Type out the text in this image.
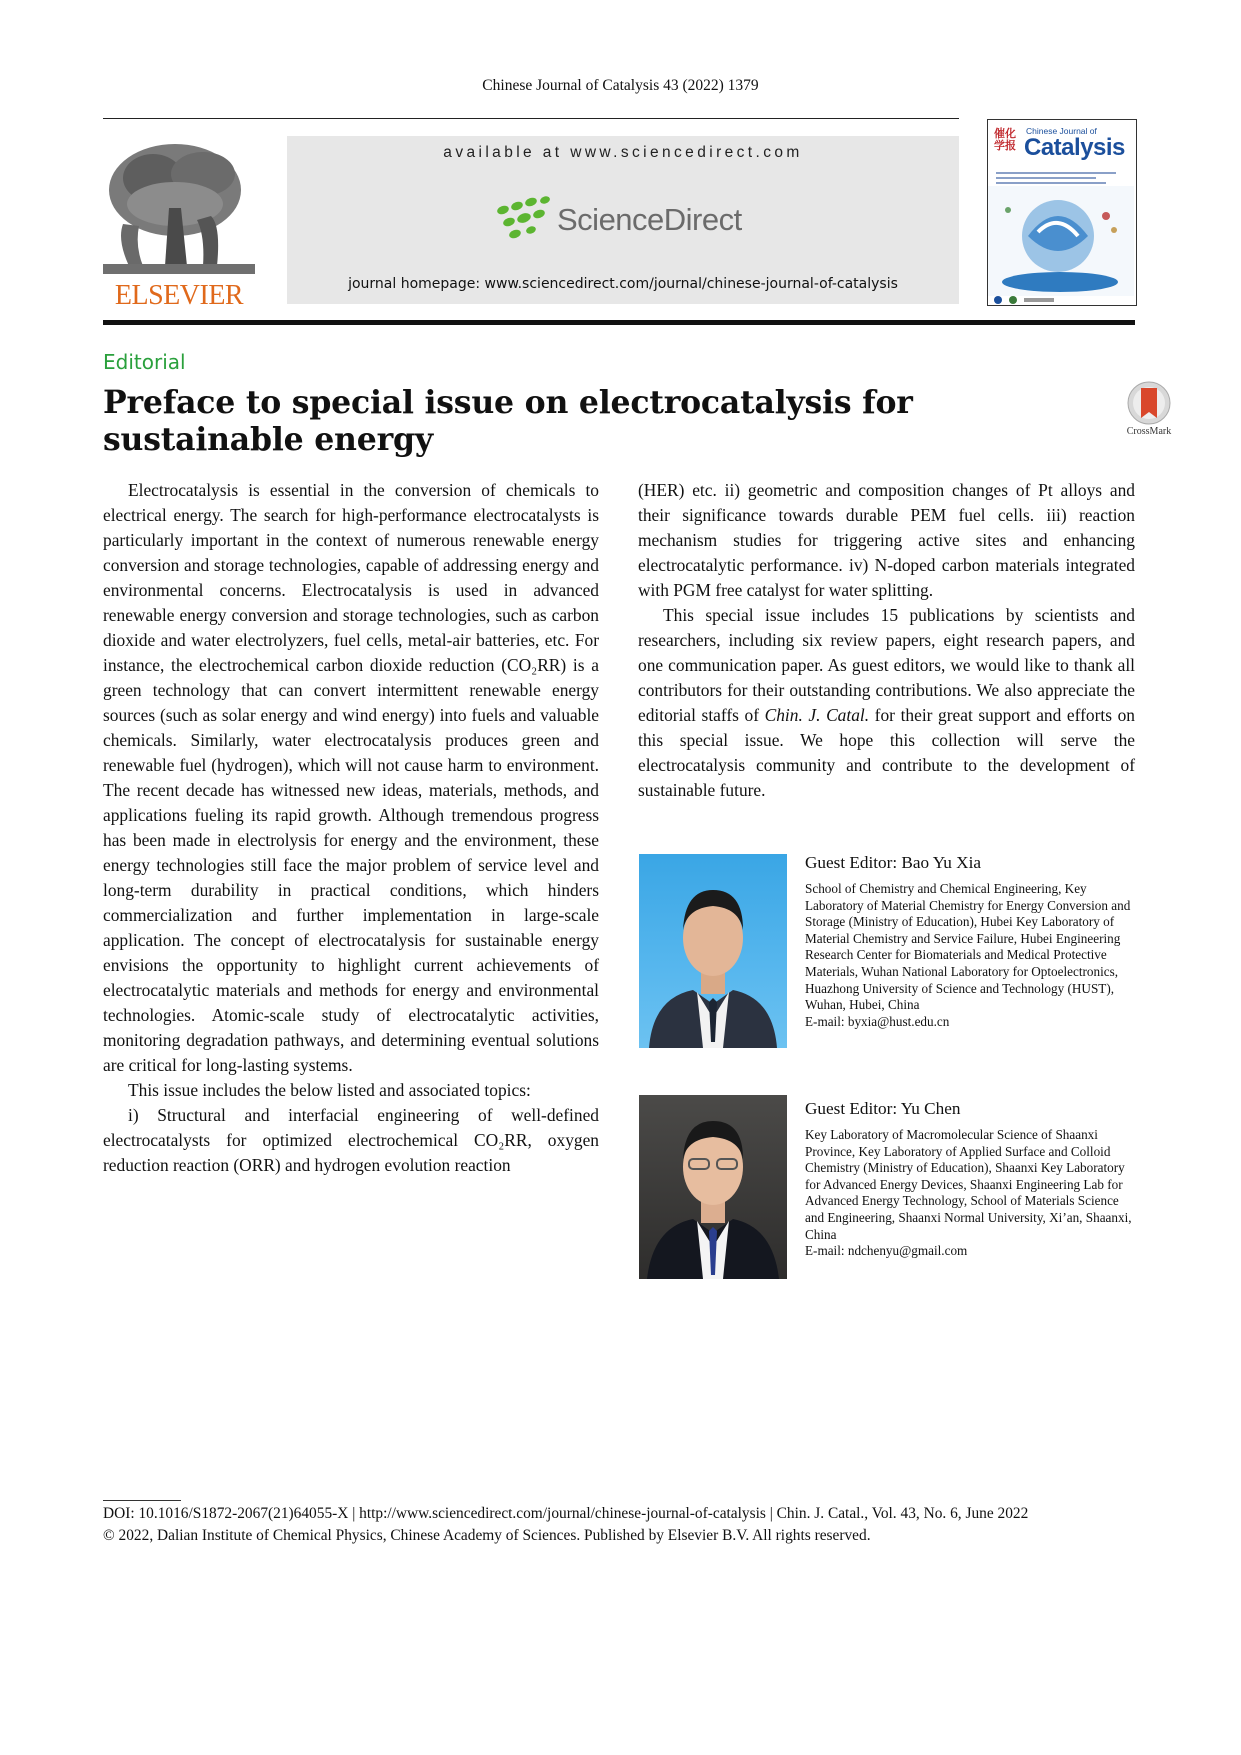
Chinese Journal of Catalysis 43 (2022) 1379
ELSEVIER
available at www.sciencedirect.com
ScienceDirect
journal homepage: www.sciencedirect.com/journal/chinese-journal-of-catalysis
催化学报
Chinese Journal of
Catalysis

Editorial
Preface to special issue on electrocatalysis for sustainable energy	CrossMark

Electrocatalysis is essential in the conversion of chemicals to electrical energy. The search for high-performance electrocatalysts is particularly important in the context of numerous renewable energy conversion and storage technologies, capable of addressing energy and environmental concerns. Electrocatalysis is used in advanced renewable energy conversion and storage technologies, such as carbon dioxide and water electrolyzers, fuel cells, metal-air batteries, etc. For instance, the electrochemical carbon dioxide reduction (CO₂RR) is a green technology that can convert intermittent renewable energy sources (such as solar energy and wind energy) into fuels and valuable chemicals. Similarly, water electrocatalysis produces green and renewable fuel (hydrogen), which will not cause harm to environment. The recent decade has witnessed new ideas, materials, methods, and applications fueling its rapid growth. Although tremendous progress has been made in electrolysis for energy and the environment, these energy technologies still face the major problem of service level and long-term durability in practical conditions, which hinders commercialization and further implementation in large-scale application. The concept of electrocatalysis for sustainable energy envisions the opportunity to highlight current achievements of electrocatalytic materials and methods for energy and environmental technologies. Atomic-scale study of electrocatalytic activities, monitoring degradation pathways, and determining eventual solutions are critical for long-lasting systems.

This issue includes the below listed and associated topics:

i) Structural and interfacial engineering of well-defined electrocatalysts for optimized electrochemical CO₂RR, oxygen reduction reaction (ORR) and hydrogen evolution reaction

(HER) etc. ii) geometric and composition changes of Pt alloys and their significance towards durable PEM fuel cells. iii) reaction mechanism studies for triggering active sites and enhancing electrocatalytic performance. iv) N-doped carbon materials integrated with PGM free catalyst for water splitting.

This special issue includes 15 publications by scientists and researchers, including six review papers, eight research papers, and one communication paper. As guest editors, we would like to thank all contributors for their outstanding contributions. We also appreciate the editorial staffs of Chin. J. Catal. for their great support and efforts on this special issue. We hope this collection will serve the electrocatalysis community and contribute to the development of sustainable future.

Guest Editor: Bao Yu Xia
School of Chemistry and Chemical Engineering, Key Laboratory of Material Chemistry for Energy Conversion and Storage (Ministry of Education), Hubei Key Laboratory of Material Chemistry and Service Failure, Hubei Engineering Research Center for Biomaterials and Medical Protective Materials, Wuhan National Laboratory for Optoelectronics, Huazhong University of Science and Technology (HUST), Wuhan, Hubei, China
E-mail: byxia@hust.edu.cn
Guest Editor: Yu Chen
Key Laboratory of Macromolecular Science of Shaanxi Province, Key Laboratory of Applied Surface and Colloid Chemistry (Ministry of Education), Shaanxi Key Laboratory for Advanced Energy Devices, Shaanxi Engineering Lab for Advanced Energy Technology, School of Materials Science and Engineering, Shaanxi Normal University, Xi’an, Shaanxi, China
E-mail: ndchenyu@gmail.com
DOI: 10.1016/S1872-2067(21)64055-X | http://www.sciencedirect.com/journal/chinese-journal-of-catalysis | Chin. J. Catal., Vol. 43, No. 6, June 2022
© 2022, Dalian Institute of Chemical Physics, Chinese Academy of Sciences. Published by Elsevier B.V. All rights reserved.
